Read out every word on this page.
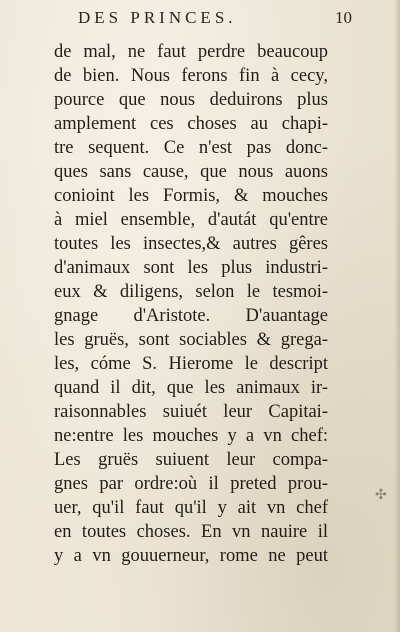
DES PRINCES.	10
de mal, ne faut perdre beaucoup
de bien. Nous ferons fin à cecy,
pource que nous deduirons plus
amplement ces choses au chapi-
tre sequent. Ce n'est pas donc-
ques sans cause, que nous auons
conioint les Formis, & mouches
à miel ensemble, d'autát qu'entre
toutes les insectes,& autres gêres
d'animaux sont les plus industri-
eux & diligens, selon le tesmoi-
gnage d'Aristote. D'auantage
les gruës, sont sociables & grega-
les, cóme S. Hierome le descript
quand il dit, que les animaux ir-
raisonnables suiuét leur Capitai-
ne:entre les mouches y a vn chef:
Les gruës suiuent leur compa-
gnes par ordre:où il preted prou-
uer, qu'il faut qu'il y ait vn chef
en toutes choses. En vn nauire il
y a vn gouuerneur, rome ne peut
✣
